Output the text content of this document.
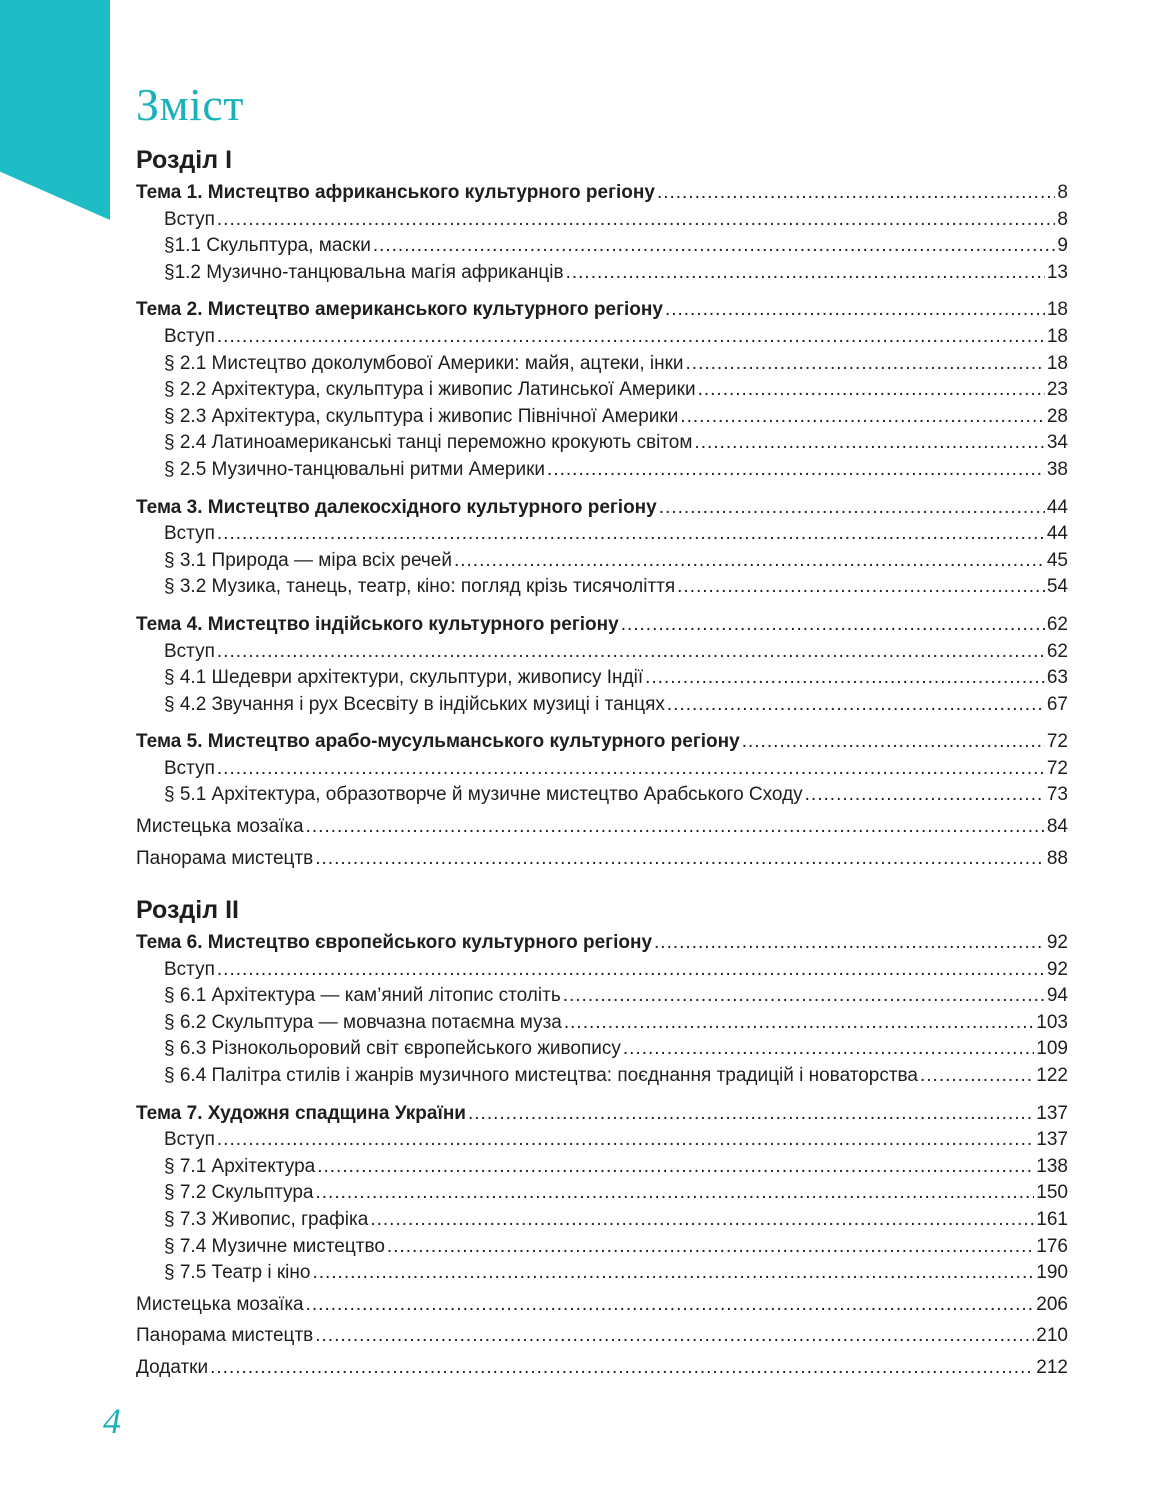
Зміст
Розділ I
Тема 1. Мистецтво африканського культурного регіону .....	8
Вступ .....	8
§1.1 Скульптура, маски .....	9
§1.2 Музично-танцювальна магія африканців .....	13
Тема 2. Мистецтво американського культурного регіону .....	18
Вступ .....	18
§ 2.1 Мистецтво доколумбової Америки: майя, ацтеки, інки .....	18
§ 2.2 Архітектура, скульптура і живопис Латинської Америки .....	23
§ 2.3 Архітектура, скульптура і живопис Північної Америки .....	28
§ 2.4 Латиноамериканські танці переможно крокують світом .....	34
§ 2.5 Музично-танцювальні ритми Америки .....	38
Тема 3. Мистецтво далекосхідного культурного регіону .....	44
Вступ .....	44
§ 3.1 Природа — міра всіх речей .....	45
§ 3.2 Музика, танець, театр, кіно: погляд крізь тисячоліття .....	54
Тема 4. Мистецтво індійського культурного регіону .....	62
Вступ .....	62
§ 4.1 Шедеври архітектури, скульптури, живопису Індії .....	63
§ 4.2 Звучання і рух Всесвіту в індійських музиці і танцях .....	67
Тема 5. Мистецтво арабо-мусульманського культурного регіону .....	72
Вступ .....	72
§ 5.1 Архітектура, образотворче й музичне мистецтво Арабського Сходу .....	73
Мистецька мозаїка .....	84
Панорама мистецтв .....	88
Розділ II
Тема 6. Мистецтво європейського культурного регіону .....	92
Вступ .....	92
§ 6.1 Архітектура — кам’яний літопис століть .....	94
§ 6.2 Скульптура — мовчазна потаємна муза .....	103
§ 6.3 Різнокольоровий світ європейського живопису .....	109
§ 6.4 Палітра стилів і жанрів музичного мистецтва: поєднання традицій і новаторства .....	122
Тема 7. Художня спадщина України .....	137
Вступ .....	137
§ 7.1 Архітектура .....	138
§ 7.2 Скульптура .....	150
§ 7.3 Живопис, графіка .....	161
§ 7.4 Музичне мистецтво .....	176
§ 7.5 Театр і кіно .....	190
Мистецька мозаїка .....	206
Панорама мистецтв .....	210
Додатки .....	212
4
